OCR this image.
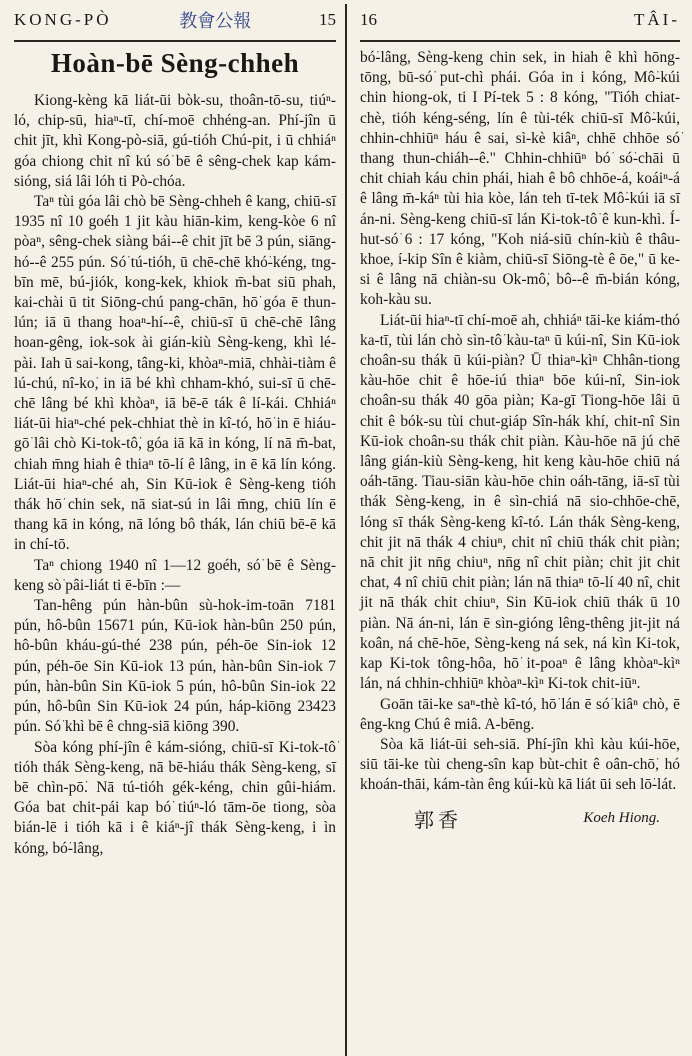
KONG-PÒ	教會公報	15
Hoàn-bē Sèng-chheh

Kiong-kèng kā liát-ūi bòk-su, thoân-tō-su, tiúⁿ-ló, chip-sū, hiaⁿ-tī, chí-moē chhéng-an. Phí-jîn ū chit jīt, khì Kong-pò-siā, gú-tióh Chú-pit, i ū chhiáⁿ góa chiong chit nî kú só͘ bē ê sêng-chek kap kám-sióng, siá lâi lóh ti Pò-chóa.

Taⁿ tùi góa lâi chò bē Sèng-chheh ê kang, chiū-sī 1935 nî 10 goéh 1 jit kàu hiān-kim, keng-kòe 6 nî pòaⁿ, sêng-chek siàng bái--ê chit jīt bē 3 pún, siāng-hó--ê 255 pún. Só͘ tú-tióh, ū chē-chē khó͘-kéng, tng-bīn mē, bú-jiók, kong-kek, khiok m̄-bat siū phah, kai-chài ū tit Siōng-chú pang-chān, hō͘ góa ē thun-lún; iā ū thang hoaⁿ-hí--ê, chiū-sī ū chē-chē lâng hoan-gêng, iok-sok ài gián-kiù Sèng-keng, khì lé-pài. Iah ū sai-kong, tâng-ki, khòaⁿ-miā, chhài-tiàm ê lú-chú, nî-ko͘, in iā bé khì chham-khó, sui-sī ū chē-chē lâng bé khì khòaⁿ, iā bē-ē ták ê lí-kái. Chhiáⁿ liát-ūi hiaⁿ-ché pek-chhiat thè in kî-tó, hō͘ in ē hiáu-gō͘ lâi chò Ki-tok-tô͘, góa iā kā in kóng, lí nā m̄-bat, chiah m̄ng hiah ê thiaⁿ tō-lí ê lâng, in ē kā lín kóng. Liát-ūi hiaⁿ-ché ah, Sin Kū-iok ê Sèng-keng tióh thák hō͘ chin sek, nā siat-sú in lâi m̄ng, chiū lín ē thang kā in kóng, nā lóng bô thák, lán chiū bē-ē kā in chí-tō.

Taⁿ chiong 1940 nî 1—12 goéh, só͘ bē ê Sèng-keng sò͘ pâi-liát ti ē-bīn :—

Tan-hêng pún hàn-bûn sù-hok-im-toān 7181 pún, hô-bûn 15671 pún, Kū-iok hàn-bûn 250 pún, hô-bûn kháu-gú-thé 238 pún, péh-ōe Sin-iok 12 pún, péh-ōe Sin Kū-iok 13 pún, hàn-bûn Sin-iok 7 pún, hàn-bûn Sin Kū-iok 5 pún, hô-bûn Sin-iok 22 pún, hô-bûn Sin Kū-iok 24 pún, háp-kiōng 23423 pún. Só͘ khì bē ê chng-siā kiōng 390.

Sòa kóng phí-jîn ê kám-sióng, chiū-sī Ki-tok-tô͘ tióh thák Sèng-keng, nā bē-hiáu thák Sèng-keng, sī bē chìn-pō͘. Nā tú-tióh gék-kéng, chin gûi-hiám. Góa bat chit-pái kap bó͘ tiúⁿ-ló tām-ōe tiong, sòa bián-lē i tióh kā i ê kiáⁿ-jî thák Sèng-keng, i ìn kóng, bó͘-lâng,

16	TÂI-

bó͘-lâng, Sèng-keng chin sek, in hiah ê khì hōng-tōng, bū-só͘ put-chì phái. Góa in i kóng, Mô͘-kúi chin hiong-ok, ti I Pí-tek 5 : 8 kóng, "Tióh chiat-chè, tióh kéng-séng, lín ê tùi-ték chiū-sī Mô͘-kúi, chhin-chhiūⁿ háu ê sai, sì-kè kiâⁿ, chhē chhōe só͘ thang thun-chiáh--ê." Chhin-chhiūⁿ bó͘ só͘-chāi ū chit chiah káu chin phái, hiah ê bô chhōe-á, koáiⁿ-á ê lâng m̄-káⁿ tùi hia kòe, lán teh tī-tek Mô͘-kúi iā sī án-ni. Sèng-keng chiū-sī lán Ki-tok-tô͘ ê kun-khì. Í-hut-só͘ 6 : 17 kóng, "Koh niá-siū chín-kiù ê thâu-khoe, í-kip Sîn ê kiàm, chiū-sī Siōng-tè ê ōe," ū ke-si ê lâng nā chiàn-su Ok-mô͘, bô--ê m̄-bián kóng, koh-kàu su.

Liát-ūi hiaⁿ-tī chí-moē ah, chhiáⁿ tāi-ke kiám-thó ka-tī, tùi lán chò sìn-tô͘ kàu-taⁿ ū kúi-nî, Sin Kū-iok choân-su thák ū kúi-piàn? Ū thiaⁿ-kìⁿ Chhân-tiong kàu-hōe chit ê hōe-iú thiaⁿ bōe kúi-nî, Sin-iok choân-su thák 40 gōa piàn; Ka-gī Tiong-hōe lâi ū chit ê bók-su tùi chut-giáp Sîn-hák khí, chit-nî Sin Kū-iok choân-su thák chit piàn. Kàu-hōe nā jú chē lâng gián-kiù Sèng-keng, hit keng kàu-hōe chiū ná oáh-tāng. Tiau-siān kàu-hōe chin oáh-tāng, iā-sī tùi thák Sèng-keng, in ê sìn-chiá nā sio-chhōe-chē, lóng sī thák Sèng-keng kî-tó. Lán thák Sèng-keng, chit jit nā thák 4 chiuⁿ, chit nî chiū thák chit piàn; nā chit jit nn̄g chiuⁿ, nn̄g nî chit piàn; chit jit chit chat, 4 nî chiū chit piàn; lán nā thiaⁿ tō-lí 40 nî, chit jit nā thák chit chiuⁿ, Sin Kū-iok chiū thák ū 10 piàn. Nā án-ni, lán ē sìn-gióng lêng-thêng jit-jit ná koân, ná chē-hōe, Sèng-keng ná sek, ná kìn Ki-tok, kap Ki-tok tông-hôa, hō͘ it-poaⁿ ê lâng khòaⁿ-kìⁿ lán, ná chhin-chhiūⁿ khòaⁿ-kìⁿ Ki-tok chit-iūⁿ.

Goān tāi-ke saⁿ-thè kî-tó, hō͘ lán ē só͘ kiâⁿ chò, ē êng-kng Chú ê miâ. A-bēng.

Sòa kā liát-ūi seh-siā. Phí-jîn khì kàu kúi-hōe, siū tāi-ke tùi cheng-sîn kap bùt-chit ê oân-chō͘, hó khoán-thāi, kám-tàn êng kúi-kù kā liát ūi seh lō͘-lát.

郭香	Koeh Hiong.
